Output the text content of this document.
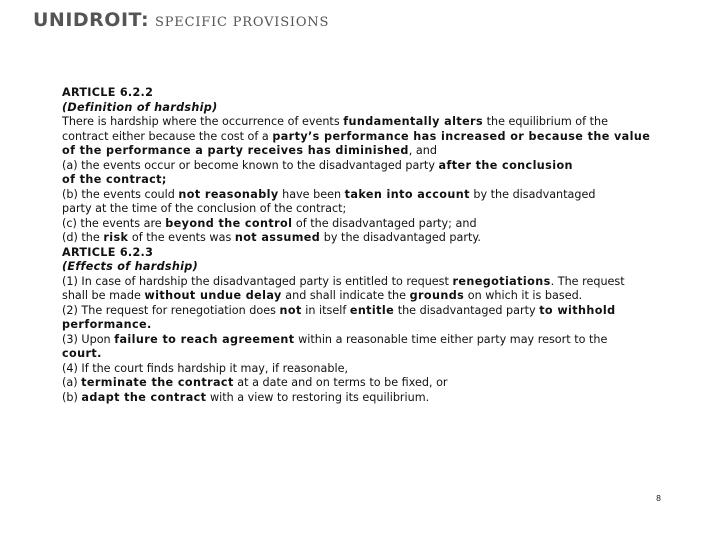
UNIDROIT: SPECIFIC PROVISIONS

ARTICLE 6.2.2

(Definition of hardship)

There is hardship where the occurrence of events fundamentally alters the equilibrium of the

contract either because the cost of a party’s performance has increased or because the value

of the performance a party receives has diminished, and

(a) the events occur or become known to the disadvantaged party after the conclusion

of the contract;

(b) the events could not reasonably have been taken into account by the disadvantaged

party at the time of the conclusion of the contract;

(c) the events are beyond the control of the disadvantaged party; and

(d) the risk of the events was not assumed by the disadvantaged party.

ARTICLE 6.2.3

(Effects of hardship)

(1) In case of hardship the disadvantaged party is entitled to request renegotiations. The request

shall be made without undue delay and shall indicate the grounds on which it is based.

(2) The request for renegotiation does not in itself entitle the disadvantaged party to withhold

performance.

(3) Upon failure to reach agreement within a reasonable time either party may resort to the

court.

(4) If the court finds hardship it may, if reasonable,

(a) terminate the contract at a date and on terms to be fixed, or

(b) adapt the contract with a view to restoring its equilibrium.

8
